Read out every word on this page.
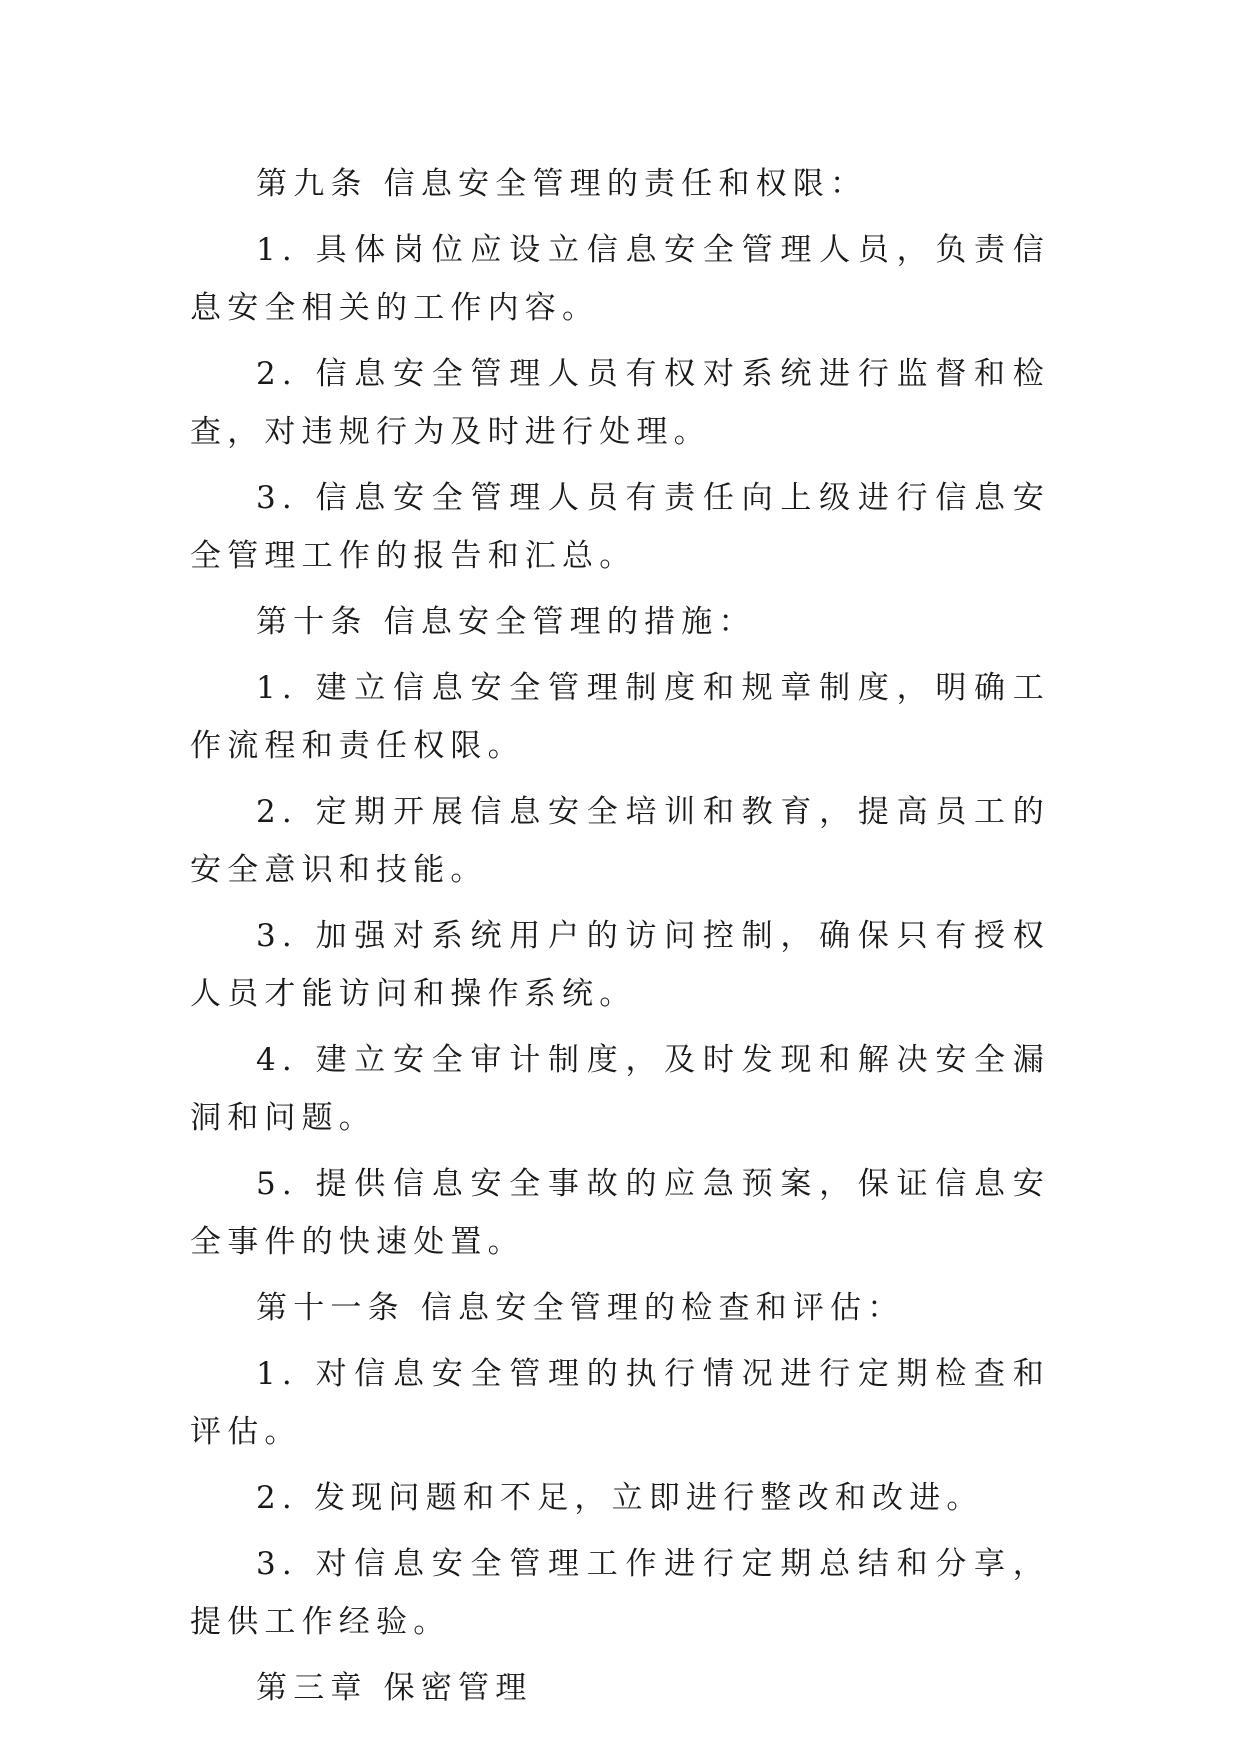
第九条 信息安全管理的责任和权限：

1. 具体岗位应设立信息安全管理人员，负责信息安全相关的工作内容。

2. 信息安全管理人员有权对系统进行监督和检查，对违规行为及时进行处理。

3. 信息安全管理人员有责任向上级进行信息安全管理工作的报告和汇总。

第十条 信息安全管理的措施：

1. 建立信息安全管理制度和规章制度，明确工作流程和责任权限。

2. 定期开展信息安全培训和教育，提高员工的安全意识和技能。

3. 加强对系统用户的访问控制，确保只有授权人员才能访问和操作系统。

4. 建立安全审计制度，及时发现和解决安全漏洞和问题。

5. 提供信息安全事故的应急预案，保证信息安全事件的快速处置。

第十一条 信息安全管理的检查和评估：

1. 对信息安全管理的执行情况进行定期检查和评估。

2. 发现问题和不足，立即进行整改和改进。

3. 对信息安全管理工作进行定期总结和分享，提供工作经验。

第三章 保密管理
